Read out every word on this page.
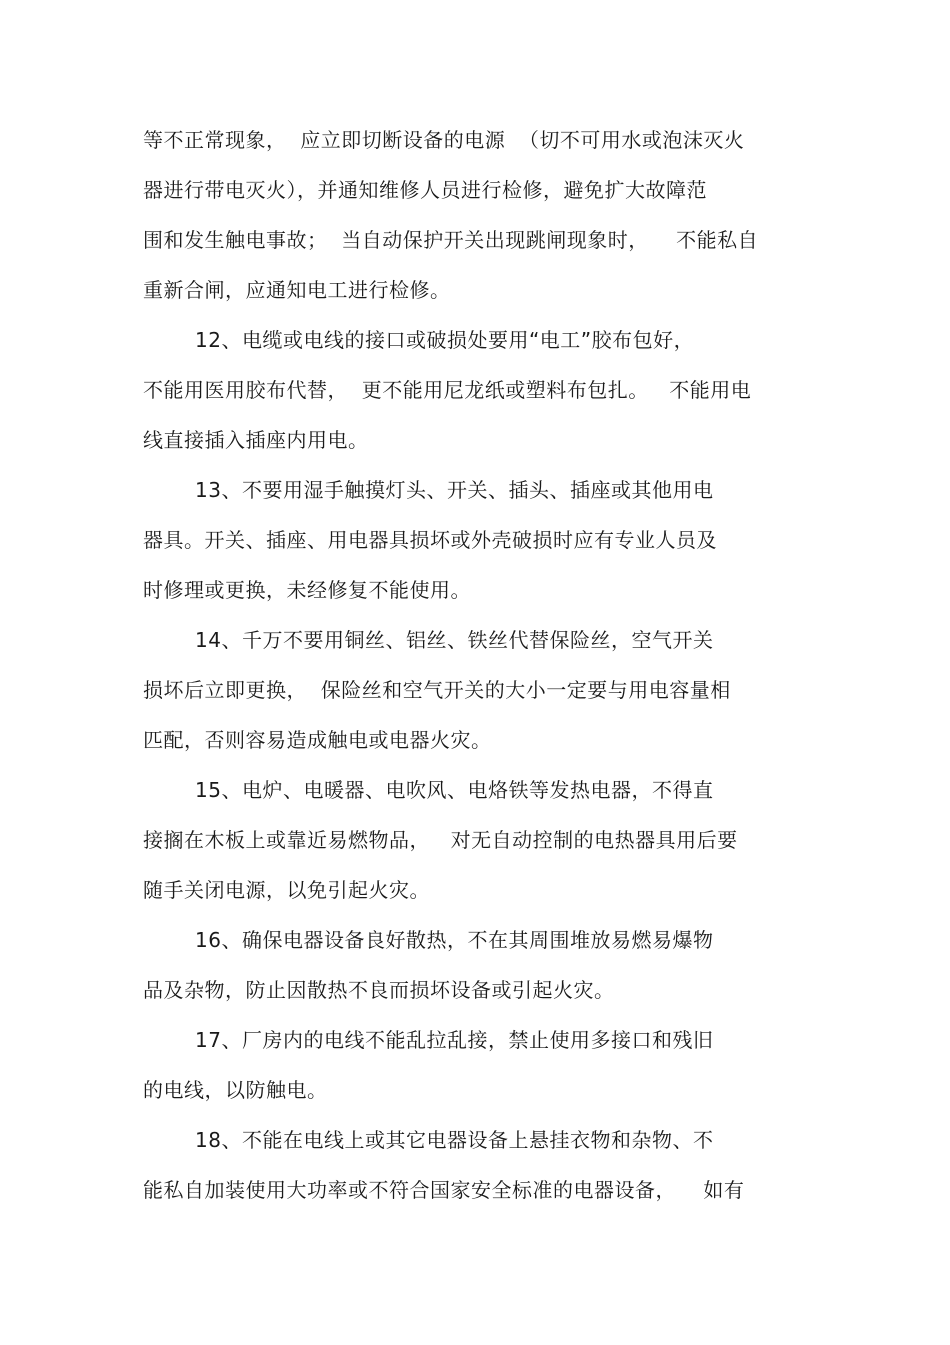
等不正常现象，  应立即切断设备的电源  （切不可用水或泡沫灭火
器进行带电灭火），并通知维修人员进行检修，避免扩大故障范
围和发生触电事故；  当自动保护开关出现跳闸现象时，    不能私自
重新合闸，应通知电工进行检修。
12、电缆或电线的接口或破损处要用“电工”胶布包好，
不能用医用胶布代替，  更不能用尼龙纸或塑料布包扎。   不能用电
线直接插入插座内用电。
13、不要用湿手触摸灯头、开关、插头、插座或其他用电
器具。开关、插座、用电器具损坏或外壳破损时应有专业人员及
时修理或更换，未经修复不能使用。
14、千万不要用铜丝、铝丝、铁丝代替保险丝，空气开关
损坏后立即更换，  保险丝和空气开关的大小一定要与用电容量相
匹配，否则容易造成触电或电器火灾。
15、电炉、电暖器、电吹风、电烙铁等发热电器，不得直
接搁在木板上或靠近易燃物品，   对无自动控制的电热器具用后要
随手关闭电源，以免引起火灾。
16、确保电器设备良好散热，不在其周围堆放易燃易爆物
品及杂物，防止因散热不良而损坏设备或引起火灾。
17、厂房内的电线不能乱拉乱接，禁止使用多接口和残旧
的电线，以防触电。
18、不能在电线上或其它电器设备上悬挂衣物和杂物、不
能私自加装使用大功率或不符合国家安全标准的电器设备，    如有
